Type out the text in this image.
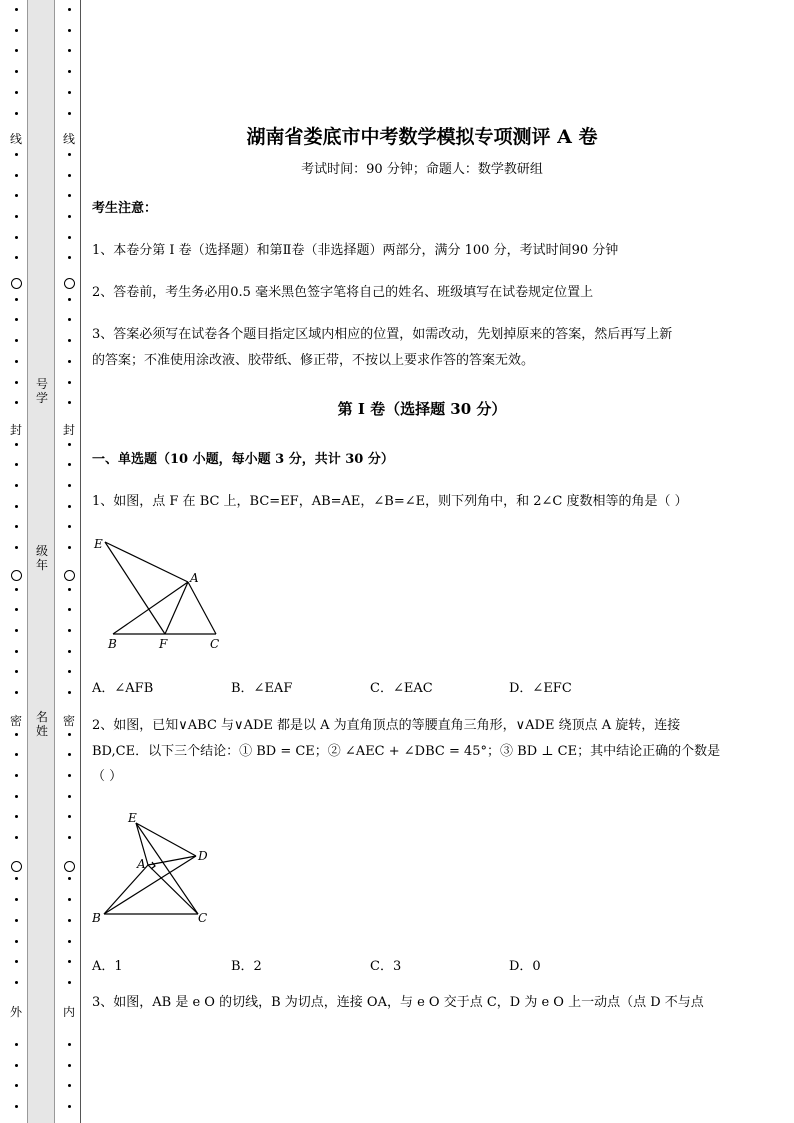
线
封
密
外
线
封
密
内
号学
级年
名姓
湖南省娄底市中考数学模拟专项测评 A 卷
考试时间：90 分钟；命题人：数学教研组
考生注意：
1、本卷分第 I 卷（选择题）和第Ⅱ卷（非选择题）两部分，满分 100 分，考试时间90 分钟
2、答卷前，考生务必用0.5 毫米黑色签字笔将自己的姓名、班级填写在试卷规定位置上
3、答案必须写在试卷各个题目指定区域内相应的位置，如需改动，先划掉原来的答案，然后再写上新
的答案；不准使用涂改液、胶带纸、修正带，不按以上要求作答的答案无效。
第 I 卷（选择题 30 分）
一、单选题（10 小题，每小题 3 分，共计 30 分）
1、如图，点 F 在 BC 上，BC=EF，AB=AE，∠B=∠E，则下列角中，和 2∠C 度数相等的角是（ ）
E
A
B	F	C
A．∠AFB	B．∠EAF	C．∠EAC	D．∠EFC
2、如图，已知∨ABC 与∨ADE 都是以 A 为直角顶点的等腰直角三角形，∨ADE 绕顶点 A 旋转，连接
BD,CE．以下三个结论：① BD = CE；② ∠AEC + ∠DBC = 45°；③ BD ⊥ CE；其中结论正确的个数是
（ ）
E
D
A
B	C
A．1	B．2	C．3	D．0
3、如图，AB 是 e O 的切线，B 为切点，连接 OA，与 e O 交于点 C，D 为 e O 上一动点（点 D 不与点
